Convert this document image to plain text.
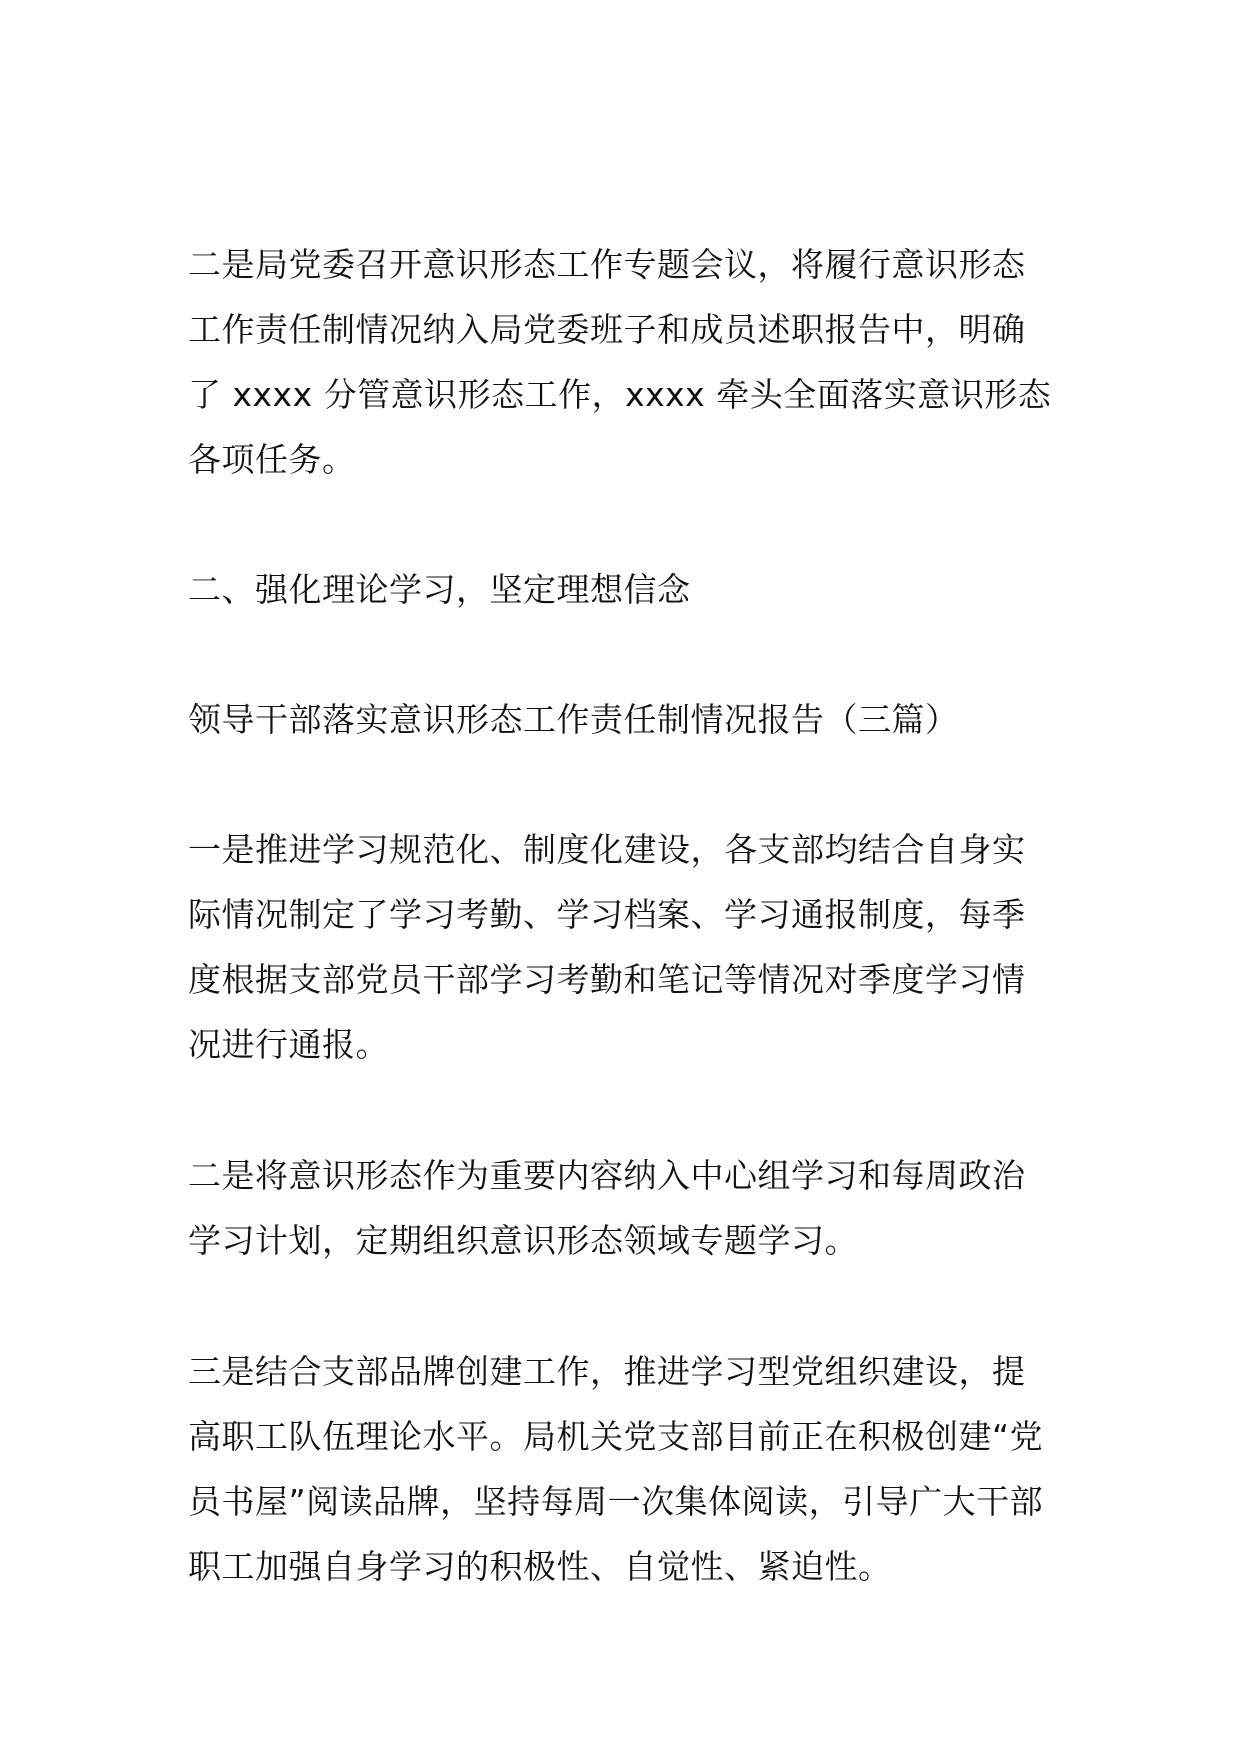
二是局党委召开意识形态工作专题会议，将履行意识形态工作责任制情况纳入局党委班子和成员述职报告中，明确了 xxxx 分管意识形态工作，xxxx 牵头全面落实意识形态各项任务。

二、强化理论学习，坚定理想信念

领导干部落实意识形态工作责任制情况报告（三篇）

一是推进学习规范化、制度化建设，各支部均结合自身实际情况制定了学习考勤、学习档案、学习通报制度，每季度根据支部党员干部学习考勤和笔记等情况对季度学习情况进行通报。

二是将意识形态作为重要内容纳入中心组学习和每周政治学习计划，定期组织意识形态领域专题学习。

三是结合支部品牌创建工作，推进学习型党组织建设，提高职工队伍理论水平。局机关党支部目前正在积极创建“党员书屋”阅读品牌，坚持每周一次集体阅读，引导广大干部职工加强自身学习的积极性、自觉性、紧迫性。
